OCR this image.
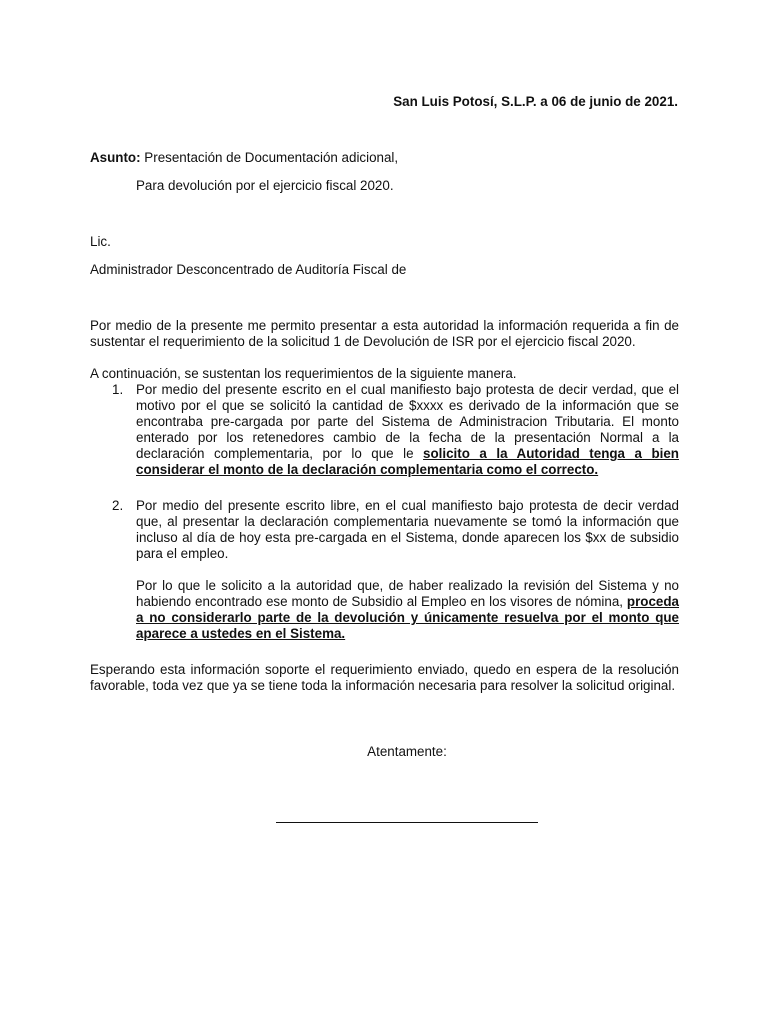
San Luis Potosí, S.L.P. a 06 de junio de 2021.
Asunto: Presentación de Documentación adicional,
Para devolución por el ejercicio fiscal 2020.
Lic.
Administrador Desconcentrado de Auditoría Fiscal de
Por medio de la presente me permito presentar a esta autoridad la información requerida a fin de sustentar el requerimiento de la solicitud 1 de Devolución de ISR por el ejercicio fiscal 2020.
A continuación, se sustentan los requerimientos de la siguiente manera.
1. Por medio del presente escrito en el cual manifiesto bajo protesta de decir verdad, que el motivo por el que se solicitó la cantidad de $xxxx es derivado de la información que se encontraba pre-cargada por parte del Sistema de Administracion Tributaria. El monto enterado por los retenedores cambio de la fecha de la presentación Normal a la declaración complementaria, por lo que le solicito a la Autoridad tenga a bien considerar el monto de la declaración complementaria como el correcto.
2. Por medio del presente escrito libre, en el cual manifiesto bajo protesta de decir verdad que, al presentar la declaración complementaria nuevamente se tomó la información que incluso al día de hoy esta pre-cargada en el Sistema, donde aparecen los $xx de subsidio para el empleo.
Por lo que le solicito a la autoridad que, de haber realizado la revisión del Sistema y no habiendo encontrado ese monto de Subsidio al Empleo en los visores de nómina, proceda a no considerarlo parte de la devolución y únicamente resuelva por el monto que aparece a ustedes en el Sistema.
Esperando esta información soporte el requerimiento enviado, quedo en espera de la resolución favorable, toda vez que ya se tiene toda la información necesaria para resolver la solicitud original.
Atentamente:
